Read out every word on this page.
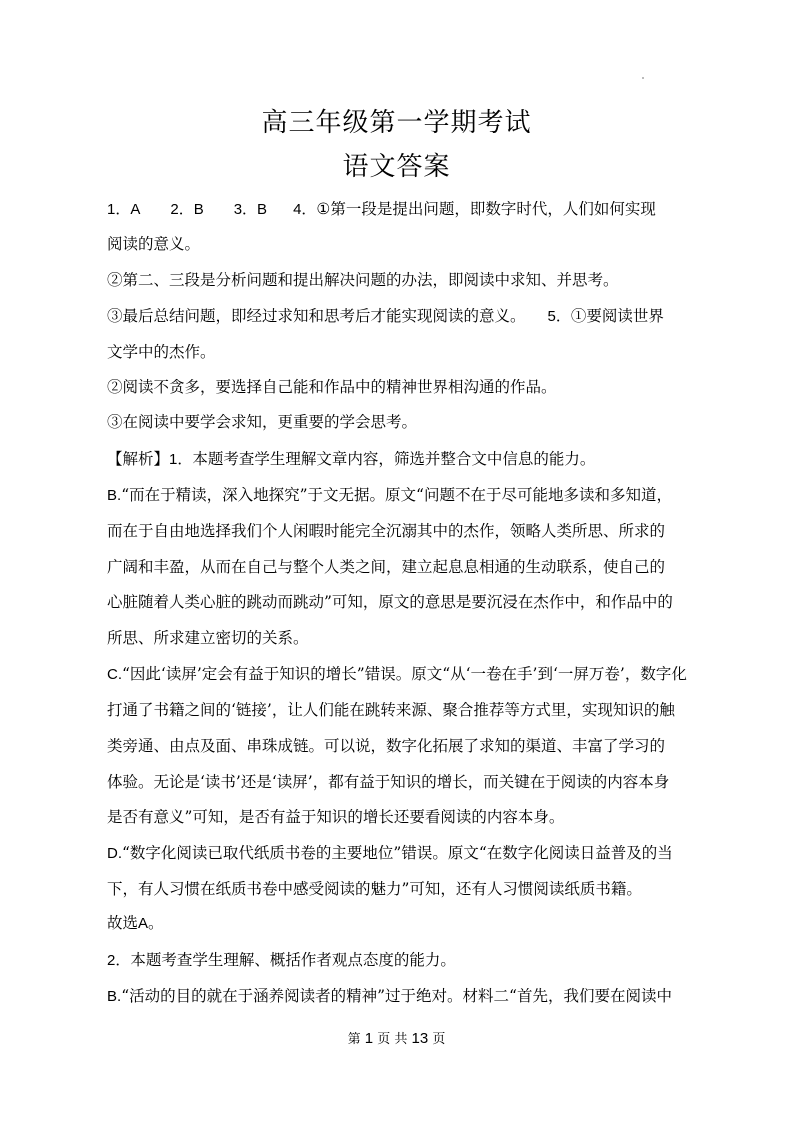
高三年级第一学期考试
语文答案
1．A 2．B 3．B 4．①第一段是提出问题，即数字时代，人们如何实现

阅读的意义。

②第二、三段是分析问题和提出解决问题的办法，即阅读中求知、并思考。

③最后总结问题，即经过求知和思考后才能实现阅读的意义。 5．①要阅读世界

文学中的杰作。

②阅读不贪多，要选择自己能和作品中的精神世界相沟通的作品。

③在阅读中要学会求知，更重要的学会思考。

【解析】1．本题考查学生理解文章内容，筛选并整合文中信息的能力。
B.“而在于精读，深入地探究”于文无据。原文“问题不在于尽可能地多读和多知道，

而在于自由地选择我们个人闲暇时能完全沉溺其中的杰作，领略人类所思、所求的

广阔和丰盈，从而在自己与整个人类之间，建立起息息相通的生动联系，使自己的

心脏随着人类心脏的跳动而跳动”可知，原文的意思是要沉浸在杰作中，和作品中的

所思、所求建立密切的关系。

C.“因此‘读屏’定会有益于知识的增长”错误。原文“从‘一卷在手’到‘一屏万卷’，数字化

打通了书籍之间的‘链接’，让人们能在跳转来源、聚合推荐等方式里，实现知识的触

类旁通、由点及面、串珠成链。可以说，数字化拓展了求知的渠道、丰富了学习的

体验。无论是‘读书’还是‘读屏’，都有益于知识的增长，而关键在于阅读的内容本身

是否有意义”可知，是否有益于知识的增长还要看阅读的内容本身。

D.“数字化阅读已取代纸质书卷的主要地位”错误。原文“在数字化阅读日益普及的当

下，有人习惯在纸质书卷中感受阅读的魅力”可知，还有人习惯阅读纸质书籍。

故选A。
2．本题考查学生理解、概括作者观点态度的能力。
B.“活动的目的就在于涵养阅读者的精神”过于绝对。材料二“首先，我们要在阅读中
第 1 页 共 13 页
